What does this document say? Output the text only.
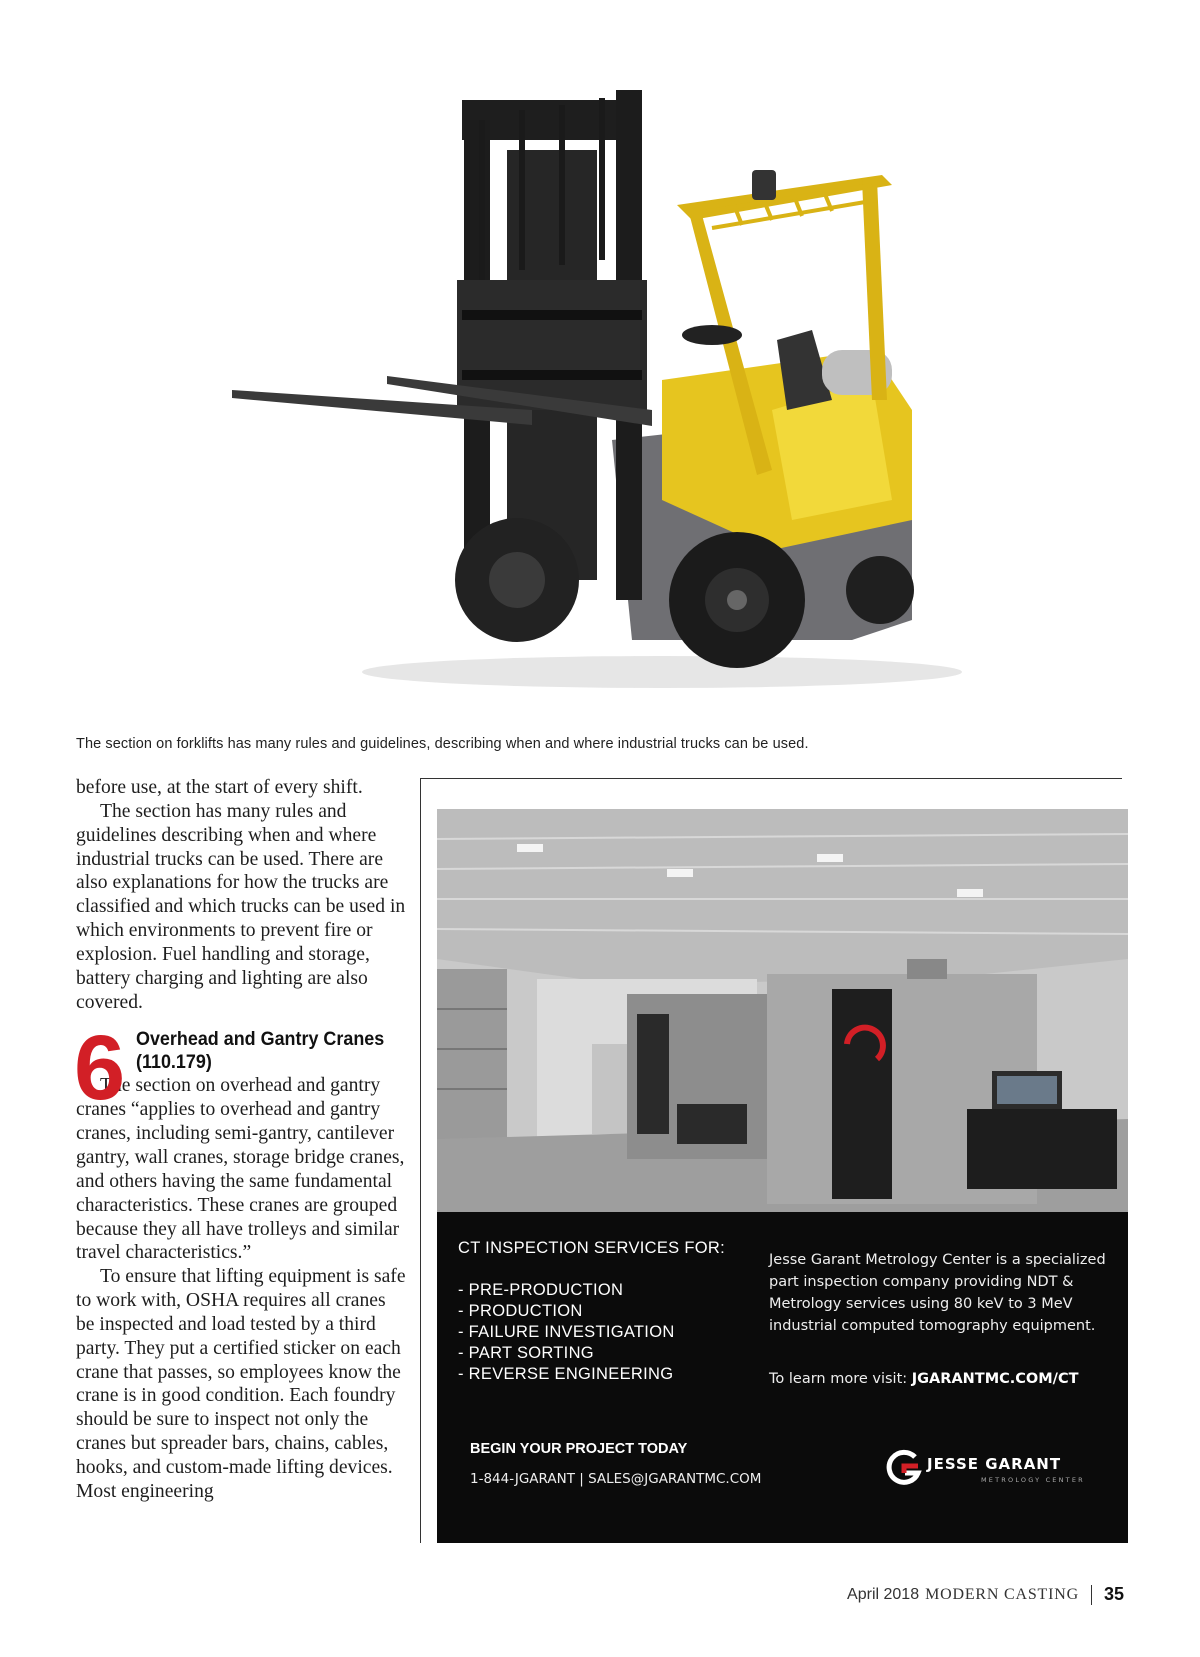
The section on forklifts has many rules and guidelines, describing when and where industrial trucks can be used.

before use, at the start of every shift.

The section has many rules and guidelines describing when and where industrial trucks can be used. There are also explanations for how the trucks are classified and which trucks can be used in which environments to prevent fire or explosion. Fuel handling and storage, battery charging and lighting are also covered.

6 Overhead and Gantry Cranes (110.179)

The section on overhead and gantry cranes “applies to overhead and gantry cranes, including semi-gantry, cantilever gantry, wall cranes, storage bridge cranes, and others having the same fundamental characteristics. These cranes are grouped because they all have trolleys and similar travel characteristics.”

To ensure that lifting equipment is safe to work with, OSHA requires all cranes be inspected and load tested by a third party. They put a certified sticker on each crane that passes, so employees know the crane is in good condition. Each foundry should be sure to inspect not only the cranes but spreader bars, chains, cables, hooks, and custom-made lifting devices. Most engineering

CT INSPECTION SERVICES FOR:
- PRE-PRODUCTION
- PRODUCTION
- FAILURE INVESTIGATION
- PART SORTING
- REVERSE ENGINEERING
Jesse Garant Metrology Center is a specialized part inspection company providing NDT & Metrology services using 80 keV to 3 MeV industrial computed tomography equipment.
To learn more visit: JGARANTMC.COM/CT
BEGIN YOUR PROJECT TODAY
1-844-JGARANT | SALES@JGARANTMC.COM
JESSE GARANT
METROLOGY CENTER
April 2018 MODERN CASTING 35
